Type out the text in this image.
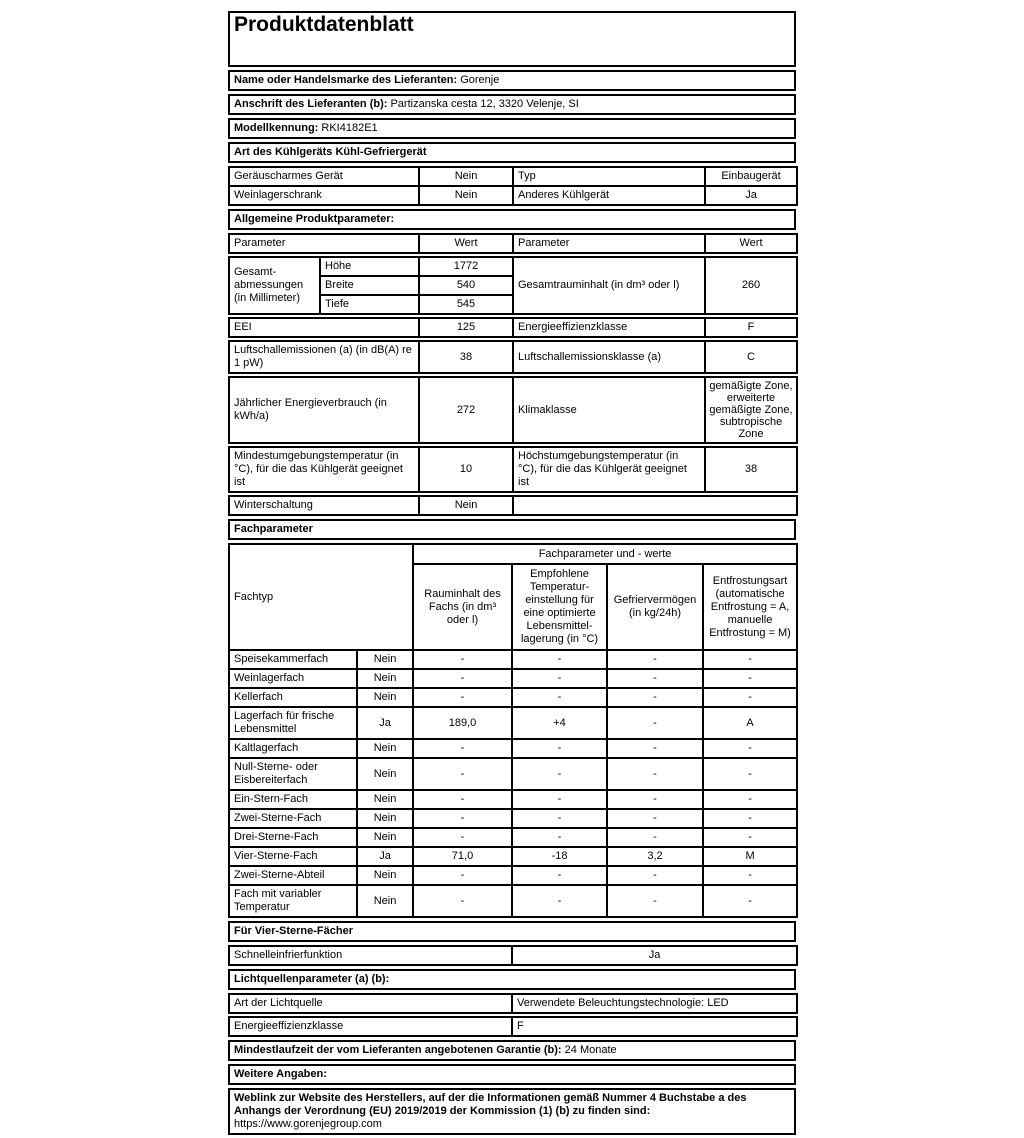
Produktdatenblatt
Name oder Handelsmarke des Lieferanten: Gorenje
Anschrift des Lieferanten (b): Partizanska cesta 12, 3320 Velenje, SI
Modellkennung: RKI4182E1
Art des Kühlgeräts Kühl-Gefriergerät
Geräuscharmes Gerät	Nein	Typ	Einbaugerät
Weinlagerschrank	Nein	Anderes Kühlgerät	Ja
Allgemeine Produktparameter:
Parameter	Wert	Parameter	Wert
Gesamt-abmessungen (in Millimeter)	Höhe	1772	Gesamtrauminhalt (in dm³ oder l)	260
	Breite	540		
	Tiefe	545		
EEI	125	Energieeffizienzklasse	F
Luftschallemissionen (a) (in dB(A) re 1 pW)	38	Luftschallemissionsklasse (a)	C
Jährlicher Energieverbrauch (in kWh/a)	272	Klimaklasse	gemäßigte Zone, erweiterte gemäßigte Zone, subtropische Zone
Mindestumgebungstemperatur (in °C), für die das Kühlgerät geeignet ist	10	Höchstumgebungstemperatur (in °C), für die das Kühlgerät geeignet ist	38
Winterschaltung	Nein	
Fachparameter
Fachtyp		Fachparameter und - werte			
		Rauminhalt des Fachs (in dm³ oder l)	Empfohlene Temperatur-einstellung für eine optimierte Lebensmittel-lagerung (in °C)	Gefriervermögen (in kg/24h)	Entfrostungsart (automatische Entfrostung = A, manuelle Entfrostung = M)
Speisekammerfach	Nein	-	-	-	-
Weinlagerfach	Nein	-	-	-	-
Kellerfach	Nein	-	-	-	-
Lagerfach für frische Lebensmittel	Ja	189,0	+4	-	A
Kaltlagerfach	Nein	-	-	-	-
Null-Sterne- oder Eisbereiterfach	Nein	-	-	-	-
Ein-Stern-Fach	Nein	-	-	-	-
Zwei-Sterne-Fach	Nein	-	-	-	-
Drei-Sterne-Fach	Nein	-	-	-	-
Vier-Sterne-Fach	Ja	71,0	-18	3,2	M
Zwei-Sterne-Abteil	Nein	-	-	-	-
Fach mit variabler Temperatur	Nein	-	-	-	-
Für Vier-Sterne-Fächer
Schnelleinfrierfunktion	Ja
Lichtquellenparameter (a) (b):
Art der Lichtquelle	Verwendete Beleuchtungstechnologie: LED
Energieeffizienzklasse	F
Mindestlaufzeit der vom Lieferanten angebotenen Garantie (b): 24 Monate
Weitere Angaben:
Weblink zur Website des Herstellers, auf der die Informationen gemäß Nummer 4 Buchstabe a des Anhangs der Verordnung (EU) 2019/2019 der Kommission (1) (b) zu finden sind: https://www.gorenjegroup.com
